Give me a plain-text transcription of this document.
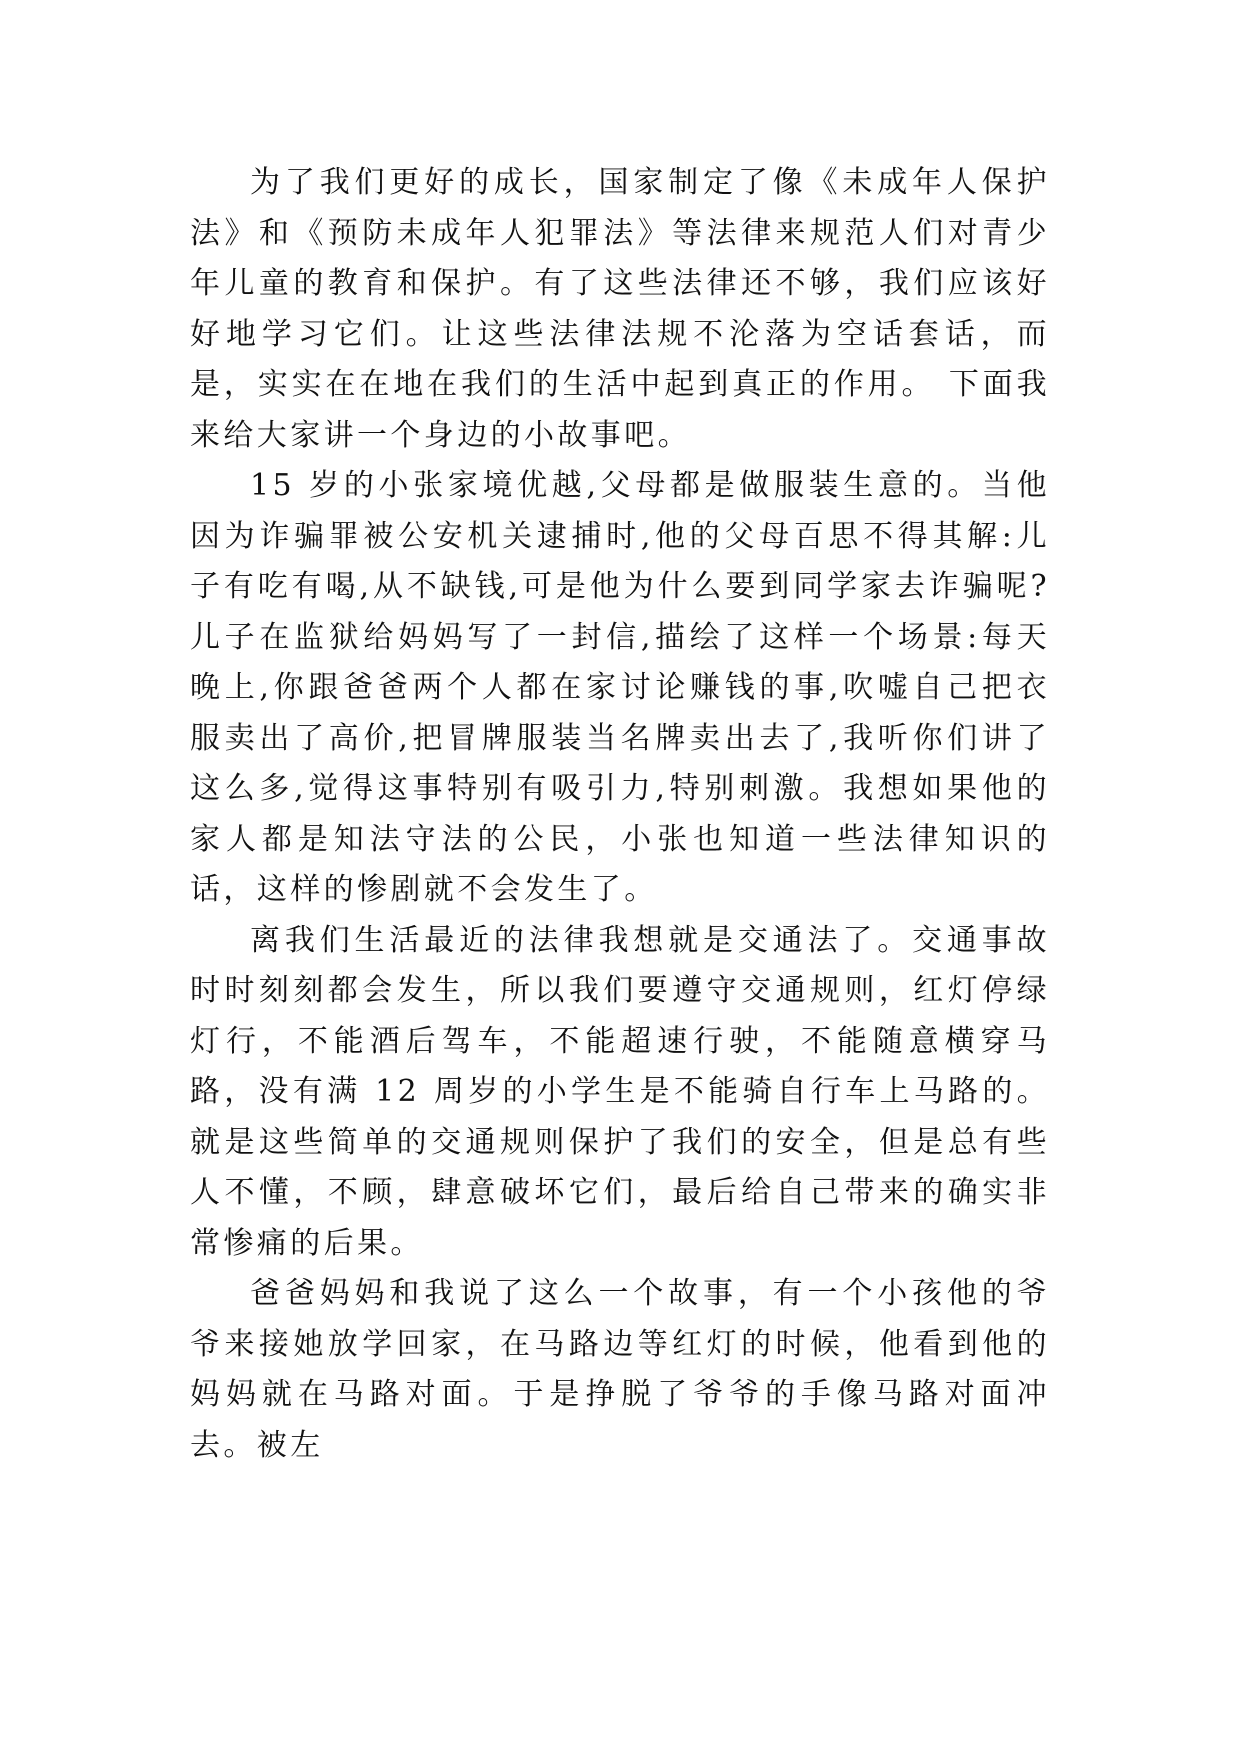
为了我们更好的成长，国家制定了像《未成年人保护法》和《预防未成年人犯罪法》等法律来规范人们对青少年儿童的教育和保护。有了这些法律还不够，我们应该好好地学习它们。让这些法律法规不沦落为空话套话，而是，实实在在地在我们的生活中起到真正的作用。 下面我来给大家讲一个身边的小故事吧。

15 岁的小张家境优越,父母都是做服装生意的。当他因为诈骗罪被公安机关逮捕时,他的父母百思不得其解:儿子有吃有喝,从不缺钱,可是他为什么要到同学家去诈骗呢?儿子在监狱给妈妈写了一封信,描绘了这样一个场景:每天晚上,你跟爸爸两个人都在家讨论赚钱的事,吹嘘自己把衣服卖出了高价,把冒牌服装当名牌卖出去了,我听你们讲了这么多,觉得这事特别有吸引力,特别刺激。我想如果他的家人都是知法守法的公民，小张也知道一些法律知识的话，这样的惨剧就不会发生了。

离我们生活最近的法律我想就是交通法了。交通事故时时刻刻都会发生，所以我们要遵守交通规则，红灯停绿灯行，不能酒后驾车，不能超速行驶，不能随意横穿马路，没有满 12 周岁的小学生是不能骑自行车上马路的。就是这些简单的交通规则保护了我们的安全，但是总有些人不懂，不顾，肆意破坏它们，最后给自己带来的确实非常惨痛的后果。

爸爸妈妈和我说了这么一个故事，有一个小孩他的爷爷来接她放学回家，在马路边等红灯的时候，他看到他的妈妈就在马路对面。于是挣脱了爷爷的手像马路对面冲去。被左
